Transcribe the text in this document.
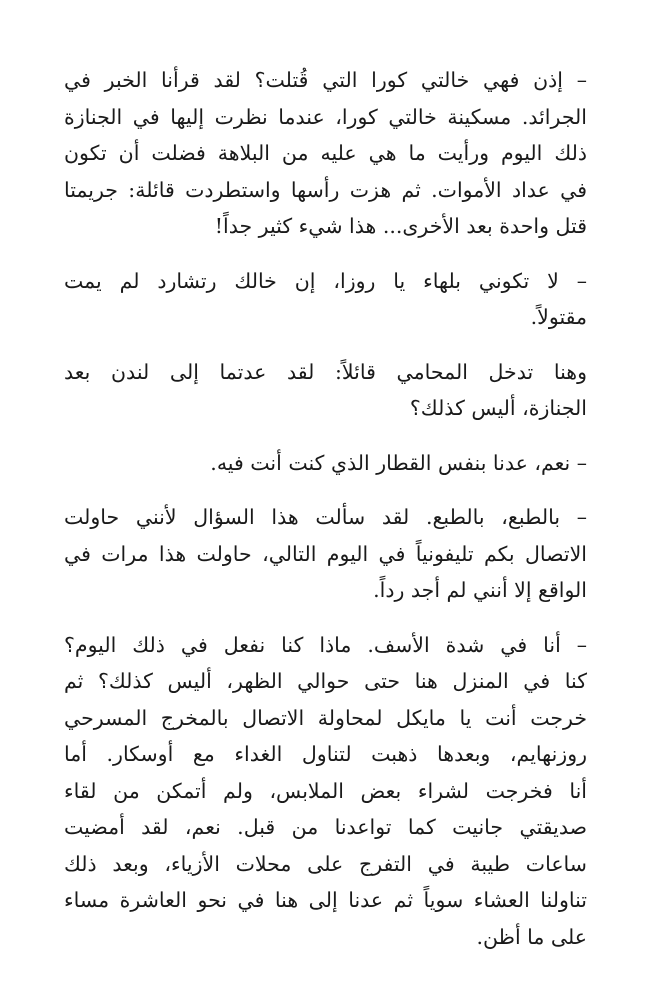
– إذن فهي خالتي كورا التي قُتلت؟ لقد قرأنا الخبر في
الجرائد. مسكينة خالتي كورا، عندما نظرت إليها في الجنازة
ذلك اليوم ورأيت ما هي عليه من البلاهة فضلت أن تكون
في عداد الأموات. ثم هزت رأسها واستطردت قائلة: جريمتا
قتل واحدة بعد الأخرى... هذا شيء كثير جداً!

– لا تكوني بلهاء يا روزا، إن خالك رتشارد لم يمت
مقتولاً.

وهنا تدخل المحامي قائلاً: لقد عدتما إلى لندن بعد
الجنازة، أليس كذلك؟

– نعم، عدنا بنفس القطار الذي كنت أنت فيه.

– بالطبع، بالطبع. لقد سألت هذا السؤال لأنني حاولت
الاتصال بكم تليفونياً في اليوم التالي، حاولت هذا مرات في
الواقع إلا أنني لم أجد رداً.

– أنا في شدة الأسف. ماذا كنا نفعل في ذلك اليوم؟
كنا في المنزل هنا حتى حوالي الظهر، أليس كذلك؟ ثم
خرجت أنت يا مايكل لمحاولة الاتصال بالمخرج المسرحي
روزنهايم، وبعدها ذهبت لتناول الغداء مع أوسكار. أما
أنا فخرجت لشراء بعض الملابس، ولم أتمكن من لقاء
صديقتي جانيت كما تواعدنا من قبل. نعم، لقد أمضيت
ساعات طيبة في التفرج على محلات الأزياء، وبعد ذلك
تناولنا العشاء سوياً ثم عدنا إلى هنا في نحو العاشرة مساء
على ما أظن.
